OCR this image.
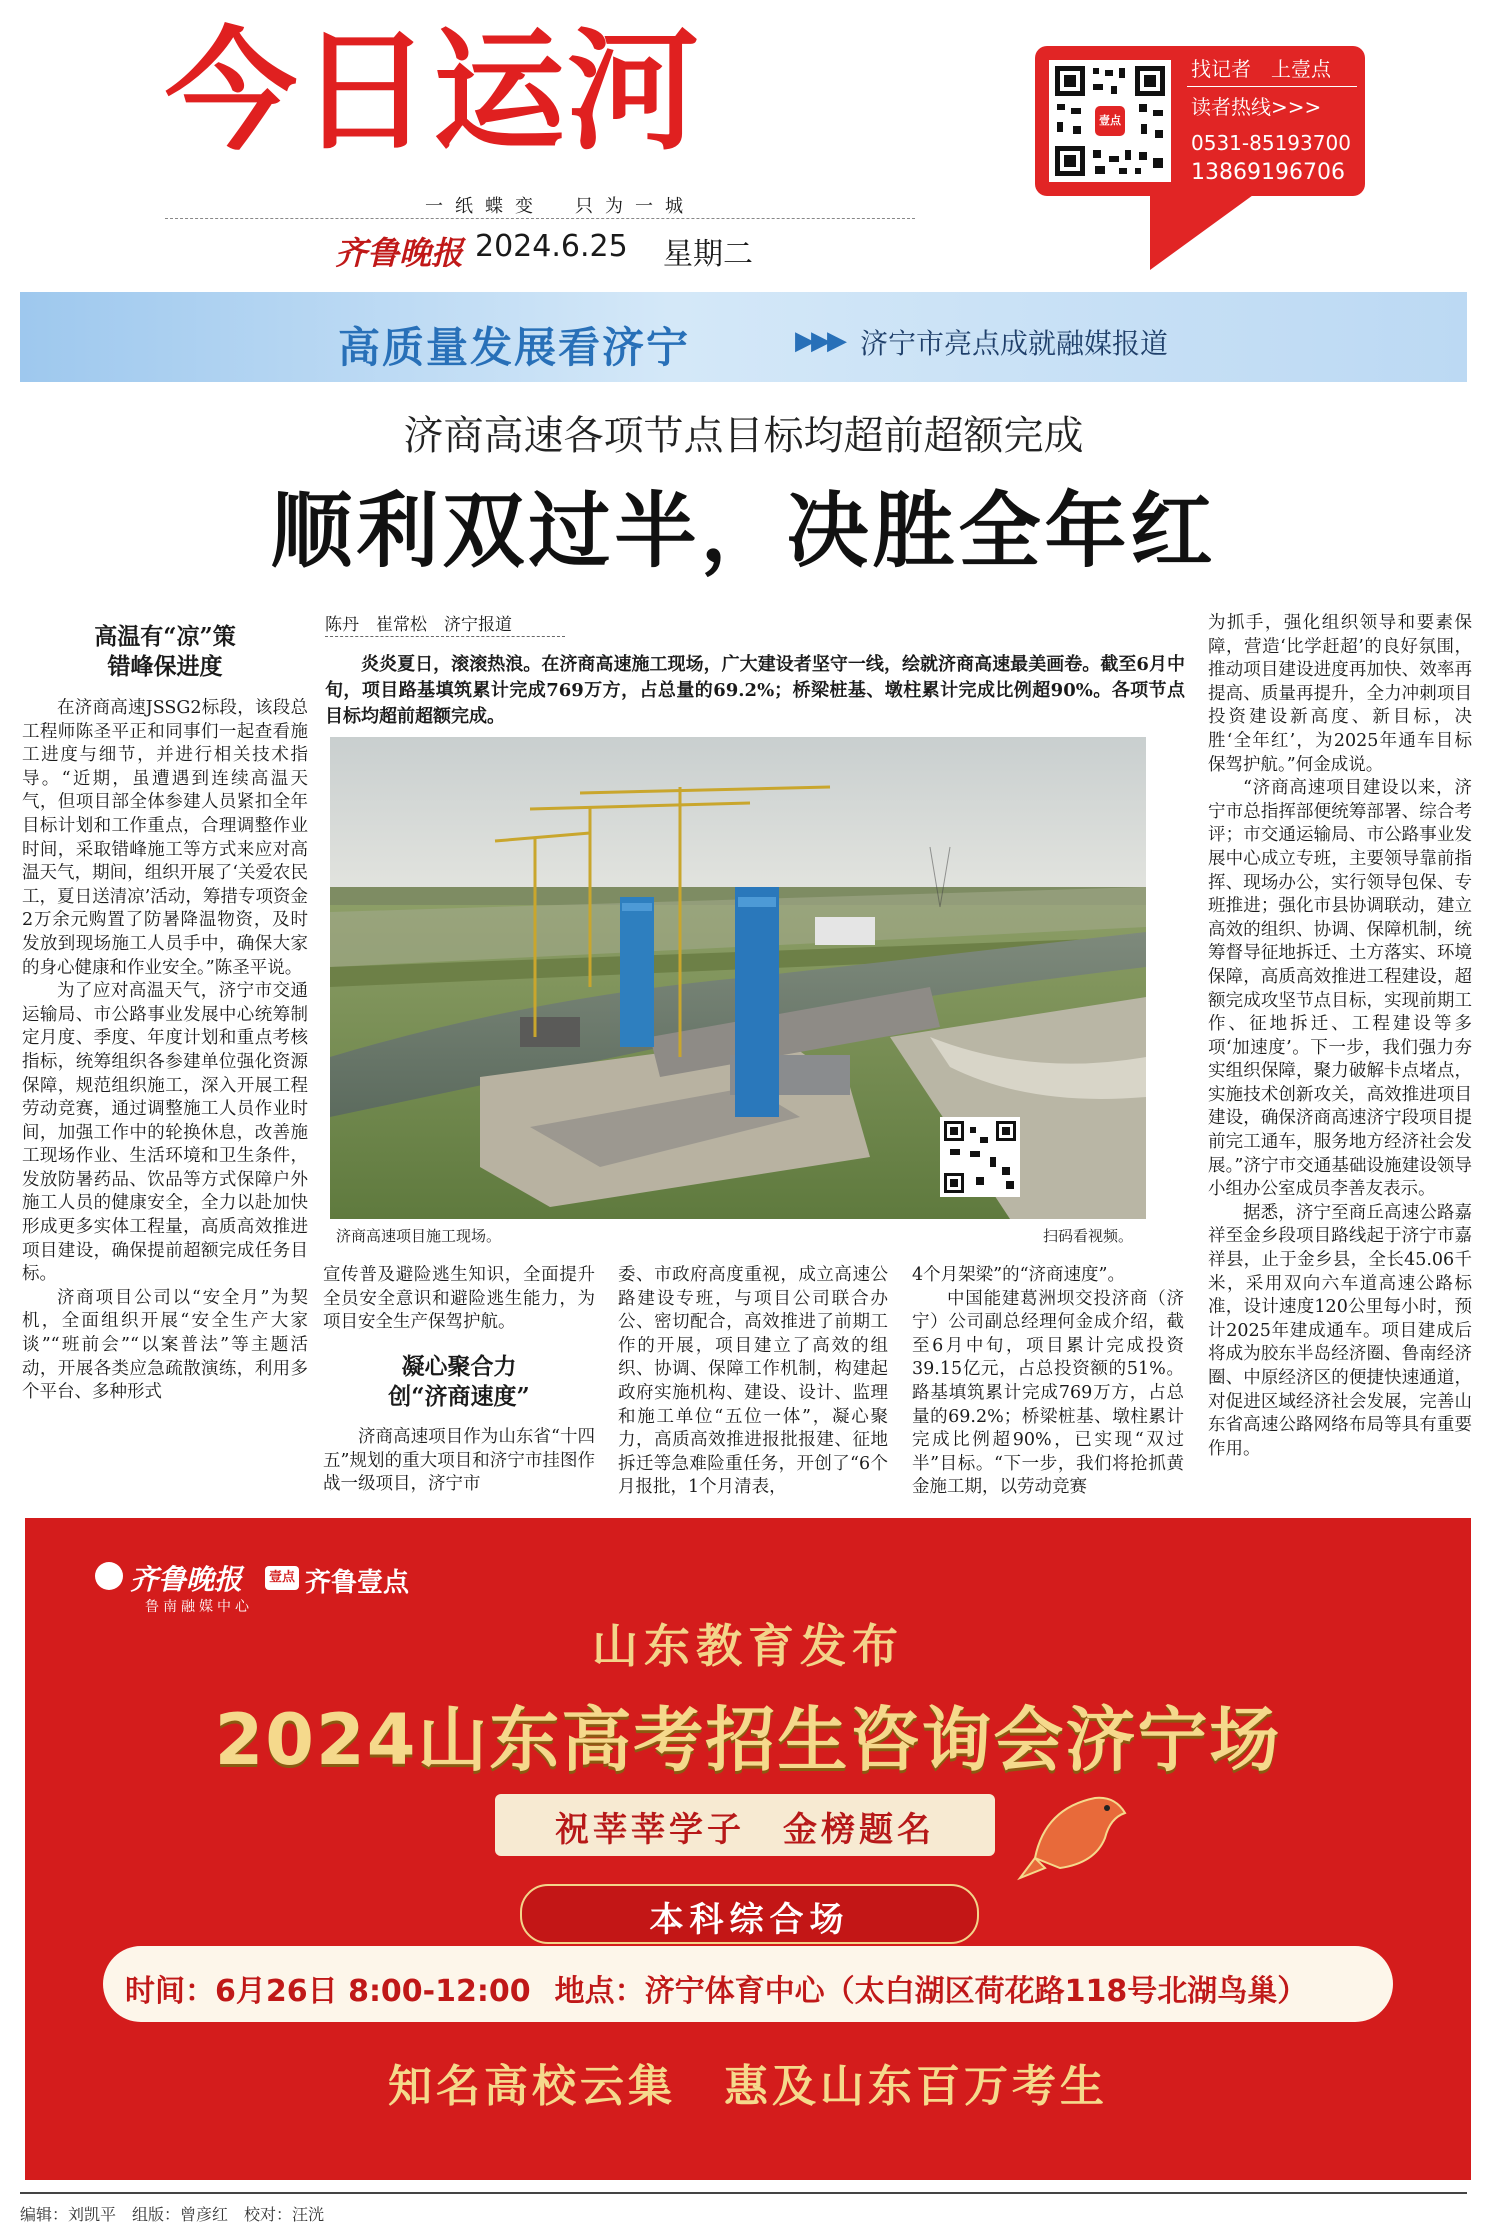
今日运河
一纸蝶变　只为一城
齐鲁晚报 2024.6.25 星期二
壹点
找记者　上壹点
读者热线>>>
0531-85193700
13869196706
高质量发展看济宁	▶▶▶ 济宁市亮点成就融媒报道
济商高速各项节点目标均超前超额完成
顺利双过半，决胜全年红
高温有“凉”策
错峰保进度

在济商高速JSSG2标段，该段总工程师陈圣平正和同事们一起查看施工进度与细节，并进行相关技术指导。“近期，虽遭遇到连续高温天气，但项目部全体参建人员紧扣全年目标计划和工作重点，合理调整作业时间，采取错峰施工等方式来应对高温天气，期间，组织开展了‘关爱农民工，夏日送清凉’活动，筹措专项资金2万余元购置了防暑降温物资，及时发放到现场施工人员手中，确保大家的身心健康和作业安全。”陈圣平说。

为了应对高温天气，济宁市交通运输局、市公路事业发展中心统筹制定月度、季度、年度计划和重点考核指标，统筹组织各参建单位强化资源保障，规范组织施工，深入开展工程劳动竞赛，通过调整施工人员作业时间，加强工作中的轮换休息，改善施工现场作业、生活环境和卫生条件，发放防暑药品、饮品等方式保障户外施工人员的健康安全，全力以赴加快形成更多实体工程量，高质高效推进项目建设，确保提前超额完成任务目标。

济商项目公司以“安全月”为契机，全面组织开展“安全生产大家谈”“班前会”“以案普法”等主题活动，开展各类应急疏散演练，利用多个平台、多种形式

陈丹　崔常松　济宁报道
炎炎夏日，滚滚热浪。在济商高速施工现场，广大建设者坚守一线，绘就济商高速最美画卷。截至6月中旬，项目路基填筑累计完成769万方，占总量的69.2%；桥梁桩基、墩柱累计完成比例超90%。各项节点目标均超前超额完成。
济商高速项目施工现场。	扫码看视频。

宣传普及避险逃生知识，全面提升全员安全意识和避险逃生能力，为项目安全生产保驾护航。

凝心聚合力
创“济商速度”

济商高速项目作为山东省“十四五”规划的重大项目和济宁市挂图作战一级项目，济宁市

委、市政府高度重视，成立高速公路建设专班，与项目公司联合办公、密切配合，高效推进了前期工作的开展，项目建立了高效的组织、协调、保障工作机制，构建起政府实施机构、建设、设计、监理和施工单位“五位一体”，凝心聚力，高质高效推进报批报建、征地拆迁等急难险重任务，开创了“6个月报批，1个月清表，

4个月架梁”的“济商速度”。

中国能建葛洲坝交投济商（济宁）公司副总经理何金成介绍，截至6月中旬，项目累计完成投资39.15亿元，占总投资额的51%。路基填筑累计完成769万方，占总量的69.2%；桥梁桩基、墩柱累计完成比例超90%，已实现“双过半”目标。“下一步，我们将抢抓黄金施工期，以劳动竞赛

为抓手，强化组织领导和要素保障，营造‘比学赶超’的良好氛围，推动项目建设进度再加快、效率再提高、质量再提升，全力冲刺项目投资建设新高度、新目标，决胜‘全年红’，为2025年通车目标保驾护航。”何金成说。

“济商高速项目建设以来，济宁市总指挥部便统筹部署、综合考评；市交通运输局、市公路事业发展中心成立专班，主要领导靠前指挥、现场办公，实行领导包保、专班推进；强化市县协调联动，建立高效的组织、协调、保障机制，统筹督导征地拆迁、土方落实、环境保障，高质高效推进工程建设，超额完成攻坚节点目标，实现前期工作、征地拆迁、工程建设等多项‘加速度’。下一步，我们强力夯实组织保障，聚力破解卡点堵点，实施技术创新攻关，高效推进项目建设，确保济商高速济宁段项目提前完工通车，服务地方经济社会发展。”济宁市交通基础设施建设领导小组办公室成员李善友表示。

据悉，济宁至商丘高速公路嘉祥至金乡段项目路线起于济宁市嘉祥县，止于金乡县，全长45.06千米，采用双向六车道高速公路标准，设计速度120公里每小时，预计2025年建成通车。项目建成后将成为胶东半岛经济圈、鲁南经济圈、中原经济区的便捷快速通道，对促进区域经济社会发展，完善山东省高速公路网络布局等具有重要作用。

齐鲁晚报
鲁南融媒中心
壹点 齐鲁壹点
山东教育发布
2024山东高考招生咨询会济宁场
祝莘莘学子　金榜题名
本科综合场
时间：6月26日 8:00-12:00 地点：济宁体育中心（太白湖区荷花路118号北湖鸟巢）
知名高校云集　惠及山东百万考生
编辑：刘凯平　组版：曾彦红　校对：汪洸
